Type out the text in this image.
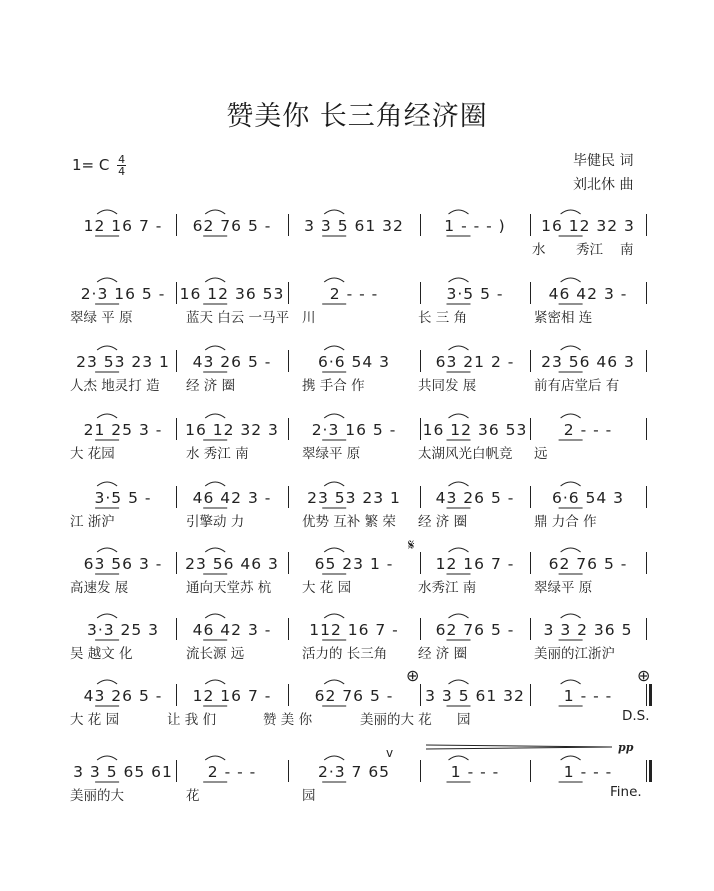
赞美你 长三角经济圈
1= C $\frac{4}{4}$	毕健民 词
刘北休 曲
12 16 7 -	62 76 5 -	3 3 5 61 32	1 - - - )	16 12 32 3
水 秀江 南
2·3 16 5 - 16 12 36 53	2 - - -	3·5 5 -	46 42 3 -
翠绿 平 原	蓝天 白云 一马平 川	长 三 角	紧密相 连
23 53 23 1	43 26 5 -	6·6 54 3	63 21 2 -	23 56 46 3
人杰 地灵打 造 经 济 圈	携 手合 作	共同发 展	前有店堂后 有
21 25 3 -	16 12 32 3	2·3 16 5 -	16 12 36 53	2 - - -
大 花园	水 秀江 南	翠绿平 原	太湖风光白帆竞 远
3·5 5 -	46 42 3 -	23 53 23 1	43 26 5 -	6·6 54 3
江 浙沪	引擎动 力	优势 互补 繁 荣 经 济 圈	鼎 力合 作
63 56 3 -	23 56 46 3	65 23 1 -	12 16 7 -	62 76 5 -
高速发 展	通向天堂苏 杭 大 花 园	水秀江 南	翠绿平 原
3·3 25 3	46 42 3 -	112 16 7 -	62 76 5 -	3 3 2 36 5
吴 越文 化	流长源 远	活力的 长三角 经 济 圈	美丽的江浙沪
43 26 5 -	12 16 7 -	62 76 5 -	3 3 5 61 32	1 - - -
大 花 园	让 我 们	赞 美 你	美丽的大 花 园	D.S.
3 3 5 65 61	2 - - -	2·3 7 65	1 - - -	1 - - -
美丽的大	花	园	Fine.
𝄋
⊕	⊕
pp
v
